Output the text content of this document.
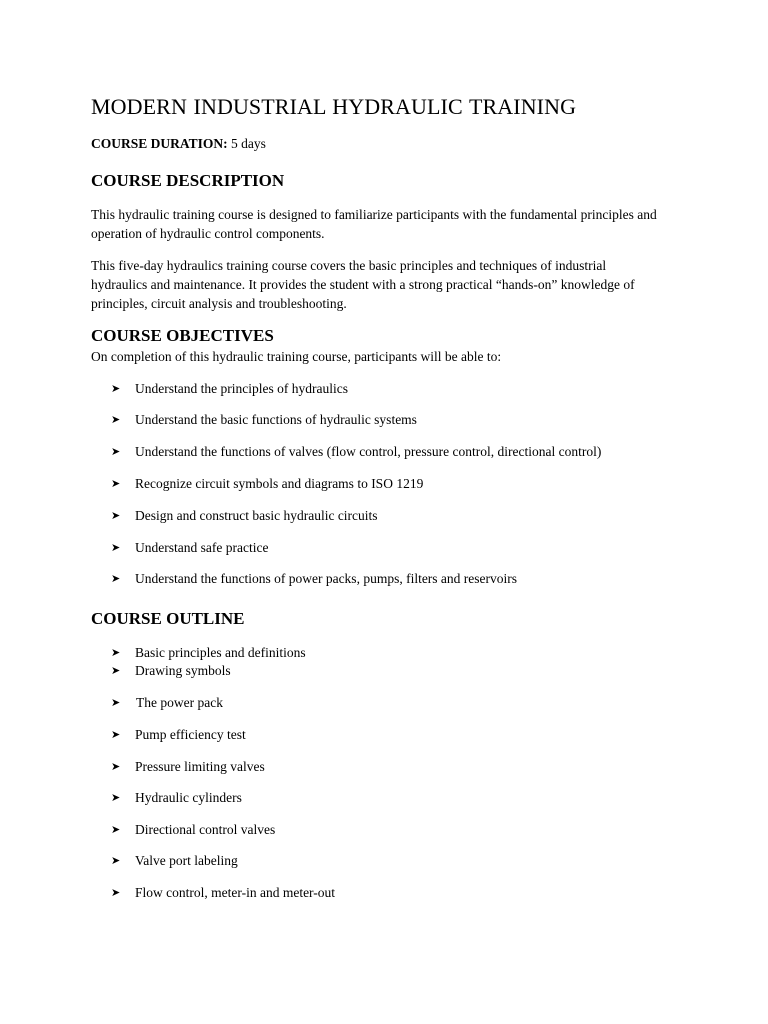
MODERN INDUSTRIAL HYDRAULIC TRAINING

COURSE DURATION: 5 days

COURSE DESCRIPTION

This hydraulic training course is designed to familiarize participants with the fundamental principles and operation of hydraulic control components.

This five-day hydraulics training course covers the basic principles and techniques of industrial hydraulics and maintenance. It provides the student with a strong practical “hands-on” knowledge of principles, circuit analysis and troubleshooting.

COURSE OBJECTIVES

On completion of this hydraulic training course, participants will be able to:

➤ Understand the principles of hydraulics
➤ Understand the basic functions of hydraulic systems
➤ Understand the functions of valves (flow control, pressure control, directional control)
➤ Recognize circuit symbols and diagrams to ISO 1219
➤ Design and construct basic hydraulic circuits
➤ Understand safe practice
➤ Understand the functions of power packs, pumps, filters and reservoirs
COURSE OUTLINE
➤ Basic principles and definitions
➤ Drawing symbols
➤ The power pack
➤ Pump efficiency test
➤ Pressure limiting valves
➤ Hydraulic cylinders
➤ Directional control valves
➤ Valve port labeling
➤ Flow control, meter-in and meter-out
